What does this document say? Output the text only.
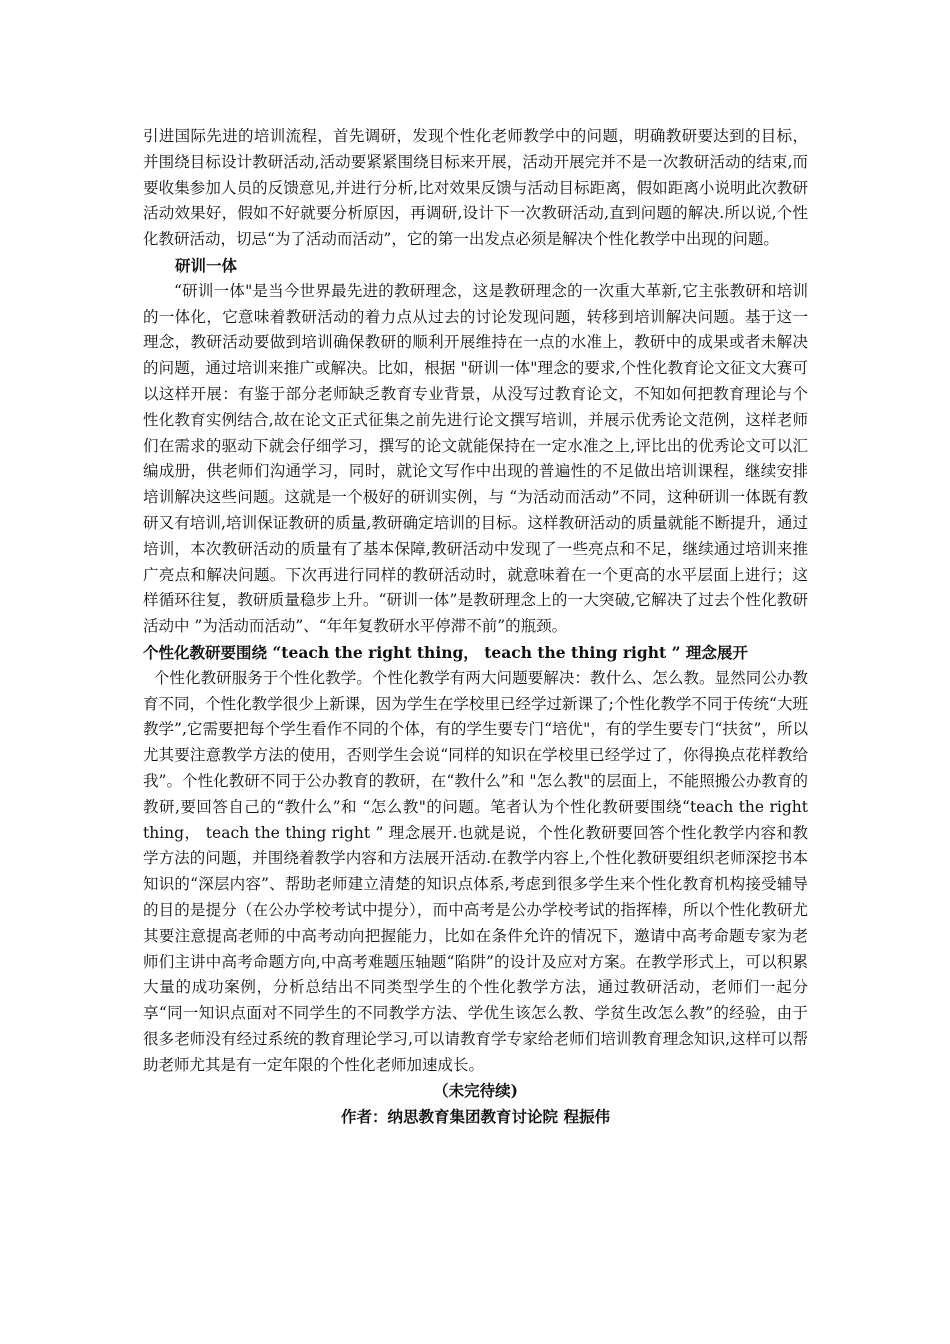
引进国际先进的培训流程，首先调研，发现个性化老师教学中的问题，明确教研要达到的目标，并围绕目标设计教研活动,活动要紧紧围绕目标来开展，活动开展完并不是一次教研活动的结束,而要收集参加人员的反馈意见,并进行分析,比对效果反馈与活动目标距离，假如距离小说明此次教研活动效果好，假如不好就要分析原因，再调研,设计下一次教研活动,直到问题的解决.所以说,个性化教研活动，切忌“为了活动而活动”，它的第一出发点必须是解决个性化教学中出现的问题。

研训一体

“研训一体"是当今世界最先进的教研理念，这是教研理念的一次重大革新,它主张教研和培训的一体化，它意味着教研活动的着力点从过去的讨论发现问题，转移到培训解决问题。基于这一理念，教研活动要做到培训确保教研的顺利开展维持在一点的水准上，教研中的成果或者未解决的问题，通过培训来推广或解决。比如，根据 "研训一体"理念的要求,个性化教育论文征文大赛可以这样开展：有鉴于部分老师缺乏教育专业背景，从没写过教育论文，不知如何把教育理论与个性化教育实例结合,故在论文正式征集之前先进行论文撰写培训，并展示优秀论文范例，这样老师们在需求的驱动下就会仔细学习，撰写的论文就能保持在一定水准之上,评比出的优秀论文可以汇编成册，供老师们沟通学习，同时，就论文写作中出现的普遍性的不足做出培训课程，继续安排培训解决这些问题。这就是一个极好的研训实例，与 “为活动而活动”不同，这种研训一体既有教研又有培训,培训保证教研的质量,教研确定培训的目标。这样教研活动的质量就能不断提升，通过培训，本次教研活动的质量有了基本保障,教研活动中发现了一些亮点和不足，继续通过培训来推广亮点和解决问题。下次再进行同样的教研活动时，就意味着在一个更高的水平层面上进行；这样循环往复，教研质量稳步上升。“研训一体”是教研理念上的一大突破,它解决了过去个性化教研活动中 ”为活动而活动”、“年年复教研水平停滞不前”的瓶颈。

个性化教研要围绕 “teach the right thing， teach the thing right ” 理念展开

个性化教研服务于个性化教学。个性化教学有两大问题要解决：教什么、怎么教。显然同公办教育不同，个性化教学很少上新课，因为学生在学校里已经学过新课了;个性化教学不同于传统“大班教学”,它需要把每个学生看作不同的个体，有的学生要专门“培优"，有的学生要专门“扶贫”，所以尤其要注意教学方法的使用，否则学生会说“同样的知识在学校里已经学过了，你得换点花样教给我”。个性化教研不同于公办教育的教研，在“教什么”和 "怎么教"的层面上，不能照搬公办教育的教研,要回答自己的“教什么”和 “怎么教"的问题。笔者认为个性化教研要围绕“teach the right thing， teach the thing right ” 理念展开.也就是说，个性化教研要回答个性化教学内容和教学方法的问题，并围绕着教学内容和方法展开活动.在教学内容上,个性化教研要组织老师深挖书本知识的“深层内容”、帮助老师建立清楚的知识点体系,考虑到很多学生来个性化教育机构接受辅导的目的是提分（在公办学校考试中提分），而中高考是公办学校考试的指挥棒，所以个性化教研尤其要注意提高老师的中高考动向把握能力，比如在条件允许的情况下，邀请中高考命题专家为老师们主讲中高考命题方向,中高考难题压轴题“陷阱”的设计及应对方案。在教学形式上，可以积累大量的成功案例，分析总结出不同类型学生的个性化教学方法，通过教研活动，老师们一起分享“同一知识点面对不同学生的不同教学方法、学优生该怎么教、学贫生改怎么教”的经验，由于很多老师没有经过系统的教育理论学习,可以请教育学专家给老师们培训教育理念知识,这样可以帮助老师尤其是有一定年限的个性化老师加速成长。

（未完待续)

作者：纳思教育集团教育讨论院 程振伟
